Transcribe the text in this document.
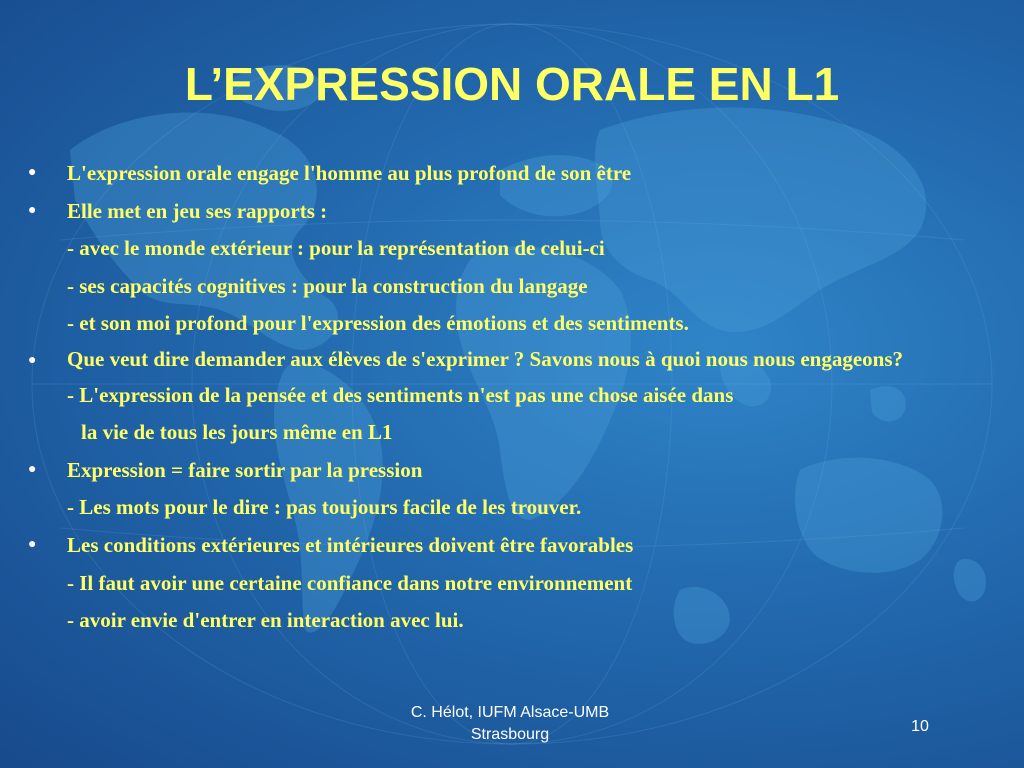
L’EXPRESSION ORALE EN L1
●	L'expression orale engage l'homme au plus profond de son être
●	Elle met en jeu ses rapports :
- avec le monde extérieur : pour la représentation de celui-ci
- ses capacités cognitives : pour la construction du langage
- et son moi profond pour l'expression des émotions et des sentiments.
●	Que veut dire demander aux élèves de s'exprimer ? Savons nous à quoi nous nous engageons?
- L'expression de la pensée et des sentiments n'est pas une chose aisée dans
la vie de tous les jours même en L1
●	Expression = faire sortir par la pression
- Les mots pour le dire : pas toujours facile de les trouver.
●	Les conditions extérieures et intérieures doivent être favorables
- Il faut avoir une certaine confiance dans notre environnement
- avoir envie d'entrer en interaction avec lui.
C. Hélot, IUFM Alsace-UMB
Strasbourg	10
